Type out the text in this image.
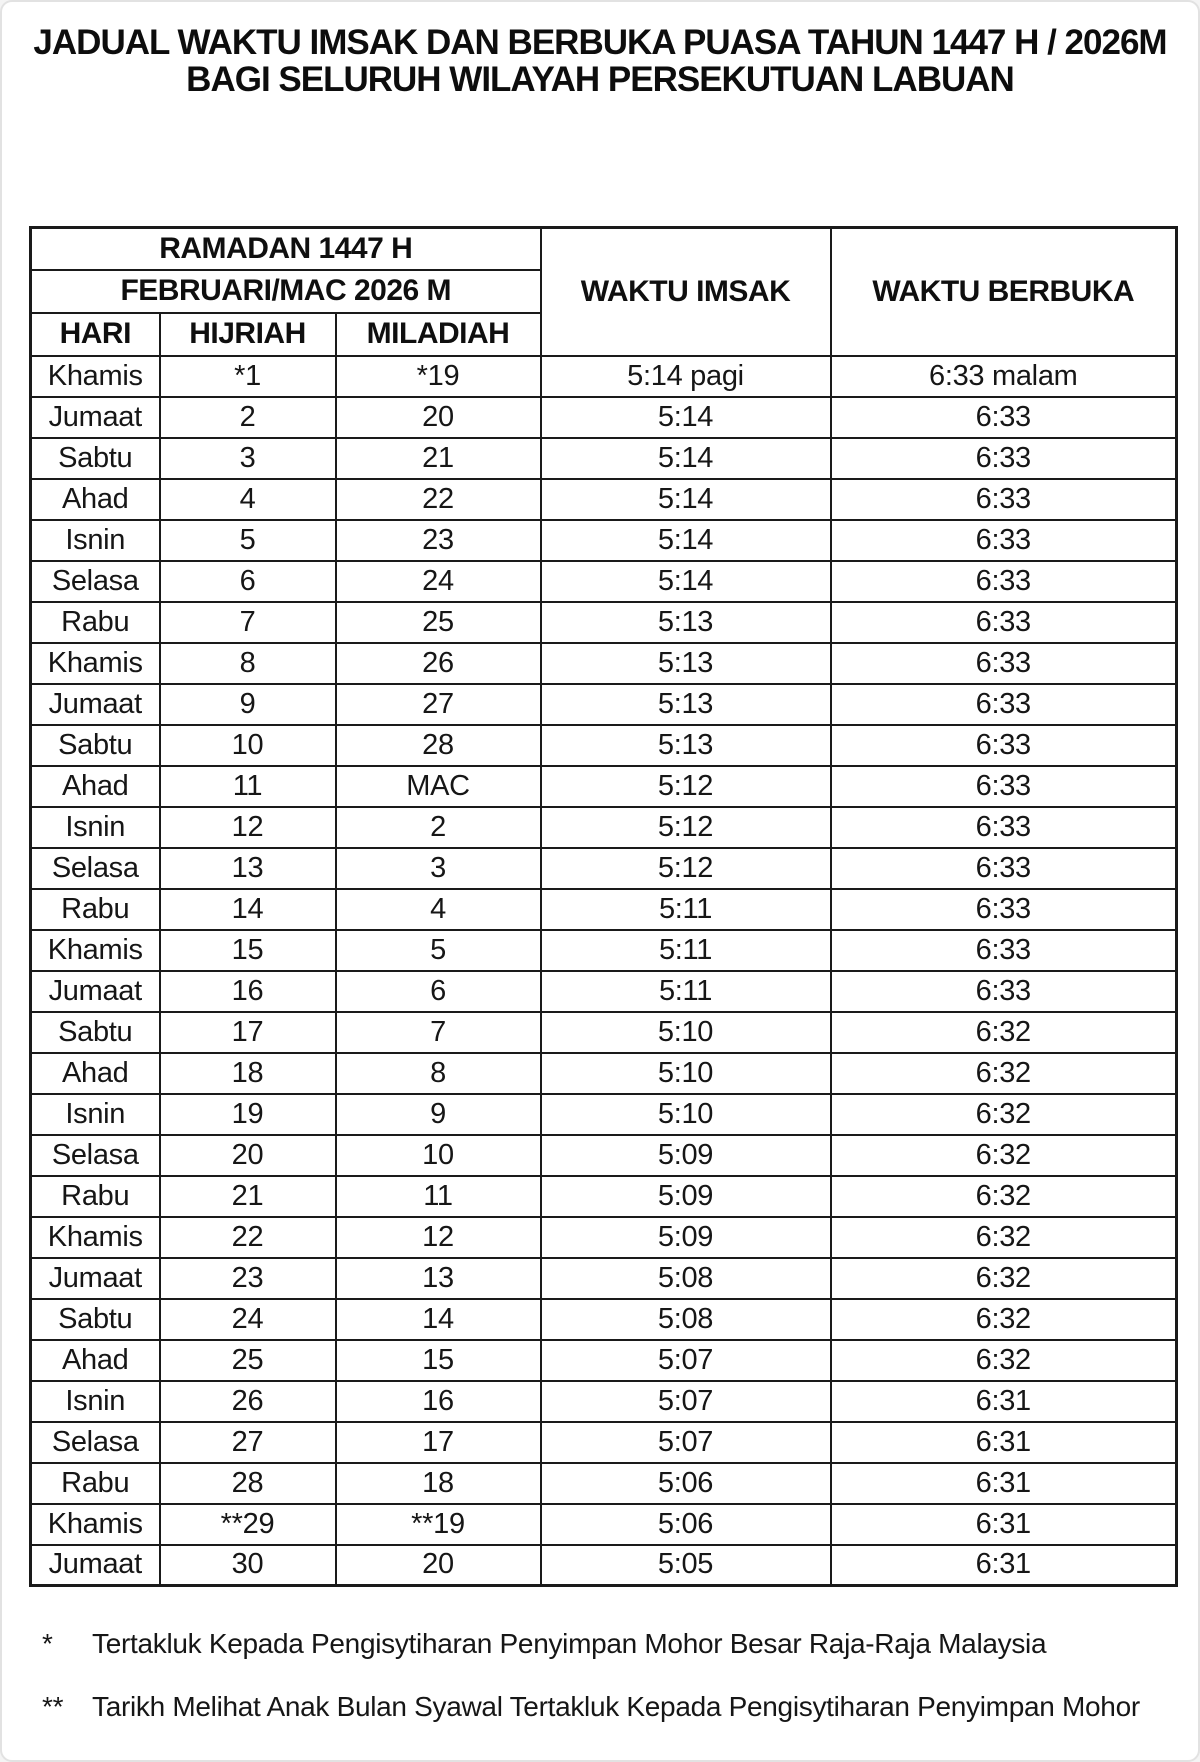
JADUAL WAKTU IMSAK DAN BERBUKA PUASA TAHUN 1447 H / 2026M
BAGI SELURUH WILAYAH PERSEKUTUAN LABUAN
RAMADAN 1447 H			WAKTU IMSAK	WAKTU BERBUKA
FEBRUARI/MAC 2026 M				
HARI	HIJRIAH	MILADIAH		
Khamis	*1	*19	5:14 pagi	6:33 malam
Jumaat	2	20	5:14	6:33
Sabtu	3	21	5:14	6:33
Ahad	4	22	5:14	6:33
Isnin	5	23	5:14	6:33
Selasa	6	24	5:14	6:33
Rabu	7	25	5:13	6:33
Khamis	8	26	5:13	6:33
Jumaat	9	27	5:13	6:33
Sabtu	10	28	5:13	6:33
Ahad	11	MAC	5:12	6:33
Isnin	12	2	5:12	6:33
Selasa	13	3	5:12	6:33
Rabu	14	4	5:11	6:33
Khamis	15	5	5:11	6:33
Jumaat	16	6	5:11	6:33
Sabtu	17	7	5:10	6:32
Ahad	18	8	5:10	6:32
Isnin	19	9	5:10	6:32
Selasa	20	10	5:09	6:32
Rabu	21	11	5:09	6:32
Khamis	22	12	5:09	6:32
Jumaat	23	13	5:08	6:32
Sabtu	24	14	5:08	6:32
Ahad	25	15	5:07	6:32
Isnin	26	16	5:07	6:31
Selasa	27	17	5:07	6:31
Rabu	28	18	5:06	6:31
Khamis	**29	**19	5:06	6:31
Jumaat	30	20	5:05	6:31
*	Tertakluk Kepada Pengisytiharan Penyimpan Mohor Besar Raja-Raja Malaysia
**	Tarikh Melihat Anak Bulan Syawal Tertakluk Kepada Pengisytiharan Penyimpan Mohor
